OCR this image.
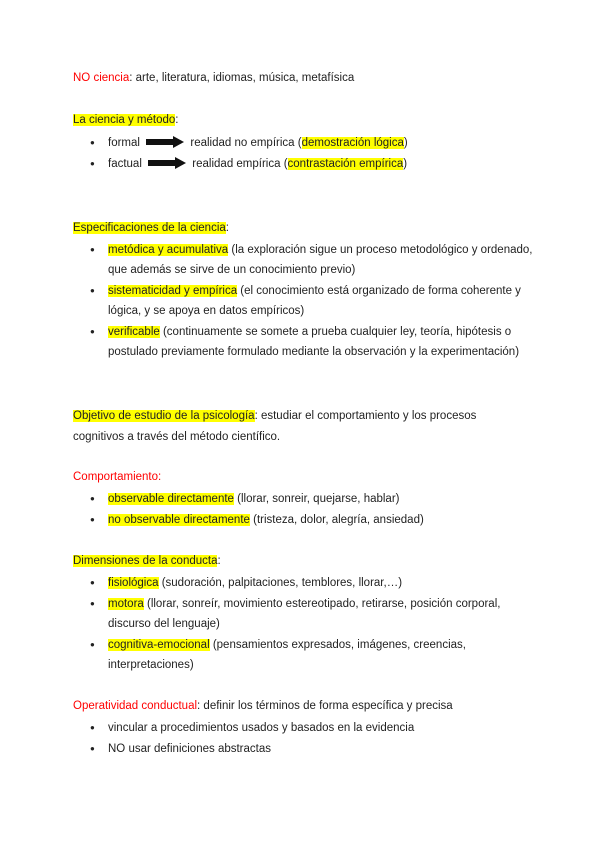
NO ciencia: arte, literatura, idiomas, música, metafísica
La ciencia y método:
● formal	realidad no empírica (demostración lógica)
● factual	realidad empírica (contrastación empírica)
Especificaciones de la ciencia:
● metódica y acumulativa (la exploración sigue un proceso metodológico y ordenado, que además se sirve de un conocimiento previo)
● sistematicidad y empírica (el conocimiento está organizado de forma coherente y lógica, y se apoya en datos empíricos)
● verificable (continuamente se somete a prueba cualquier ley, teoría, hipótesis o postulado previamente formulado mediante la observación y la experimentación)
Objetivo de estudio de la psicología: estudiar el comportamiento y los procesos cognitivos a través del método científico.
Comportamiento:
● observable directamente (llorar, sonreir, quejarse, hablar)
● no observable directamente (tristeza, dolor, alegría, ansiedad)
Dimensiones de la conducta:
● fisiológica (sudoración, palpitaciones, temblores, llorar,…)
● motora (llorar, sonreír, movimiento estereotipado, retirarse, posición corporal, discurso del lenguaje)
● cognitiva-emocional (pensamientos expresados, imágenes, creencias, interpretaciones)
Operatividad conductual: definir los términos de forma específica y precisa
● vincular a procedimientos usados y basados en la evidencia
● NO usar definiciones abstractas
